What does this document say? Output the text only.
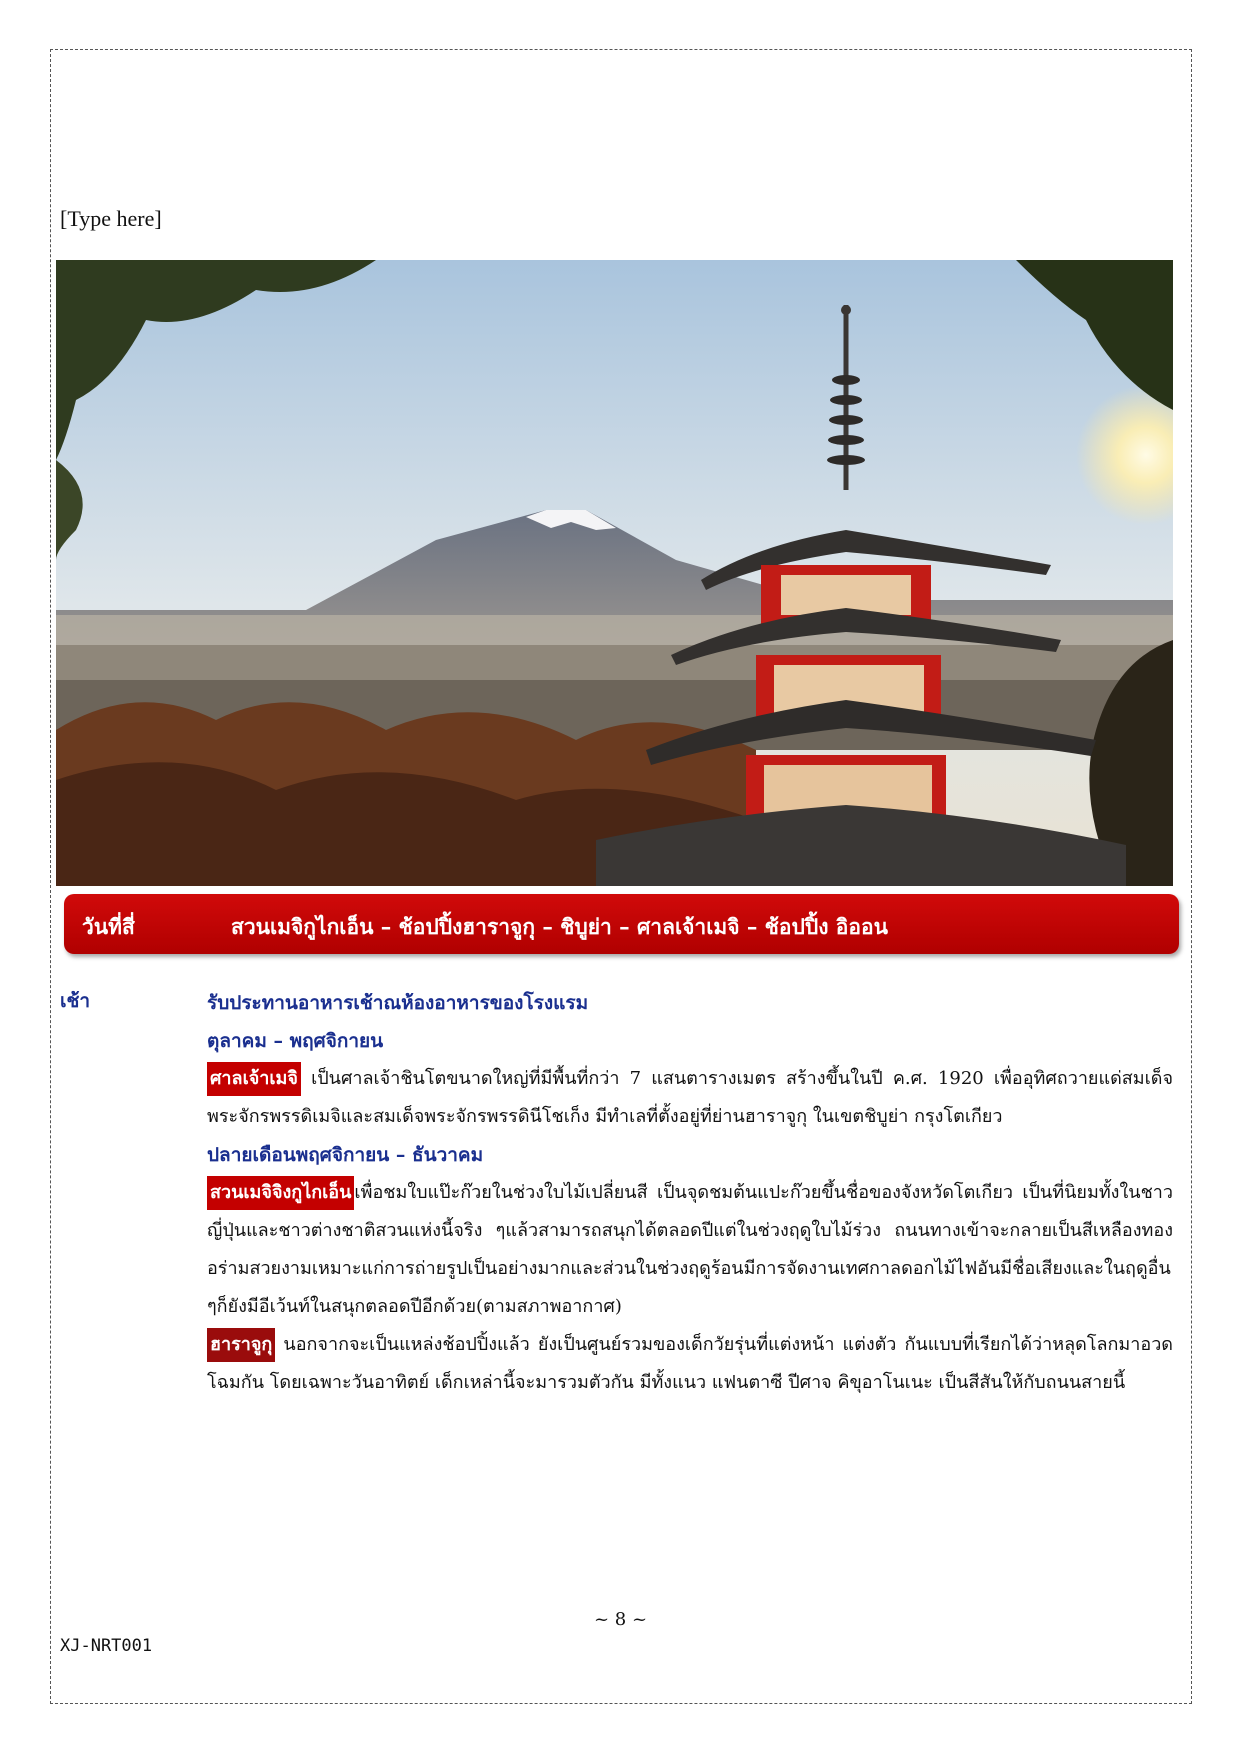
[Type here]
วันที่สี่	สวนเมจิกูไกเอ็น – ช้อปปิ้งฮาราจูกุ – ชิบูย่า – ศาลเจ้าเมจิ – ช้อปปิ้ง อิออน
เช้า	รับประทานอาหารเช้าณห้องอาหารของโรงแรม
ตุลาคม – พฤศจิกายน
ศาลเจ้าเมจิ เป็นศาลเจ้าชินโตขนาดใหญ่ที่มีพื้นที่กว่า 7 แสนตารางเมตร สร้างขึ้นในปี ค.ศ. 1920 เพื่ออุทิศถวายแด่สมเด็จพระจักรพรรดิเมจิและสมเด็จพระจักรพรรดินีโชเก็ง มีทำเลที่ตั้งอยู่ที่ย่านฮาราจูกุ ในเขตชิบูย่า กรุงโตเกียว
ปลายเดือนพฤศจิกายน – ธันวาคม
สวนเมจิจิงกูไกเอ็น เพื่อชมใบแป๊ะก๊วยในช่วงใบไม้เปลี่ยนสี เป็นจุดชมต้นแปะก๊วยขึ้นชื่อของจังหวัดโตเกียว เป็นที่นิยมทั้งในชาวญี่ปุ่นและชาวต่างชาติสวนแห่งนี้จริง ๆแล้วสามารถสนุกได้ตลอดปีแต่ในช่วงฤดูใบไม้ร่วง ถนนทางเข้าจะกลายเป็นสีเหลืองทองอร่ามสวยงามเหมาะแก่การถ่ายรูปเป็นอย่างมากและส่วนในช่วงฤดูร้อนมีการจัดงานเทศกาลดอกไม้ไฟอันมีชื่อเสียงและในฤดูอื่น ๆก็ยังมีอีเว้นท์ในสนุกตลอดปีอีกด้วย(ตามสภาพอากาศ)
ฮาราจูกุ นอกจากจะเป็นแหล่งช้อปปิ้งแล้ว ยังเป็นศูนย์รวมของเด็กวัยรุ่นที่แต่งหน้า แต่งตัว กันแบบที่เรียกได้ว่าหลุดโลกมาอวดโฉมกัน โดยเฉพาะวันอาทิตย์ เด็กเหล่านี้จะมารวมตัวกัน มีทั้งแนว แฟนตาซี ปีศาจ คิขุอาโนเนะ เป็นสีสันให้กับถนนสายนี้
~ 8 ~
XJ-NRT001
